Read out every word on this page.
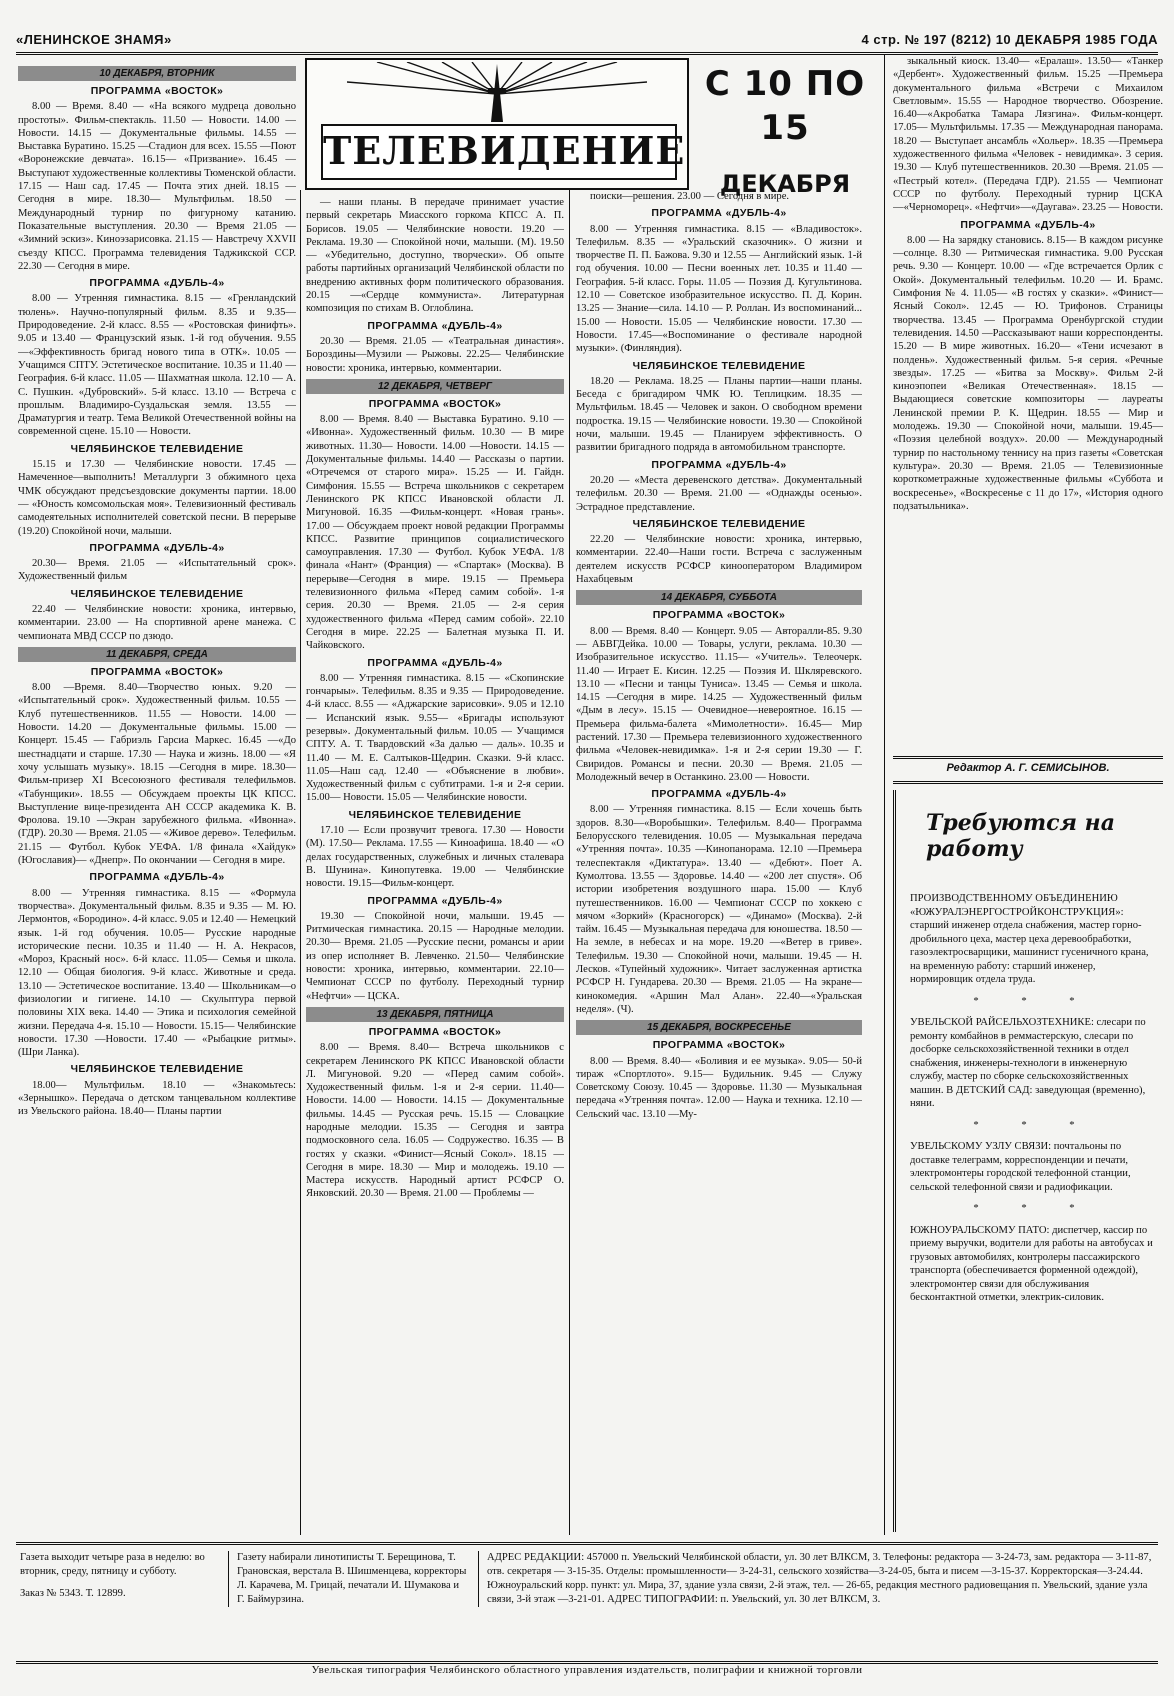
«ЛЕНИНСКОЕ ЗНАМЯ»	4 стр. № 197 (8212) 10 ДЕКАБРЯ 1985 ГОДА
ТЕЛЕВИДЕНИЕ
С 10 ПО 15
ДЕКАБРЯ
10 ДЕКАБРЯ, ВТОРНИК
ПРОГРАММА «ВОСТОК»

8.00 — Время. 8.40 — «На всякого мудреца довольно простоты». Фильм-спектакль. 11.50 — Новости. 14.00 — Новости. 14.15 — Документальные фильмы. 14.55 —Выставка Буратино. 15.25 —Стадион для всех. 15.55 —Поют «Воронежские девчата». 16.15— «Призвание». 16.45 — Выступают художественные коллективы Тюменской области. 17.15 — Наш сад. 17.45 — Почта этих дней. 18.15 — Сегодня в мире. 18.30— Мультфильм. 18.50 — Международный турнир по фигурному катанию. Показательные выступления. 20.30 — Время 21.05 — «Зимний эскиз». Киноэзарисовка. 21.15 — Навстречу XXVII съезду КПСС. Программа телевидения Таджикской ССР. 22.30 — Сегодня в мире.

ПРОГРАММА «ДУБЛЬ-4»

8.00 — Утренняя гимнастика. 8.15 — «Гренландский тюлень». Научно-популярный фильм. 8.35 и 9.35— Природоведение. 2-й класс. 8.55 — «Ростовская финифть». 9.05 и 13.40 — Французский язык. 1-й год обучения. 9.55 —«Эффективность бригад нового типа в ОТК». 10.05 — Учащимся СПТУ. Эстетическое воспитание. 10.35 и 11.40 — География. 6-й класс. 11.05 — Шахматная школа. 12.10 — А. С. Пушкин. «Дубровский». 5-й класс. 13.10 — Встреча с прошлым. Владимиро-Суздальская земля. 13.55 — Драматургия и театр. Тема Великой Отечественной войны на современной сцене. 15.10 — Новости.

ЧЕЛЯБИНСКОЕ ТЕЛЕВИДЕНИЕ

15.15 и 17.30 — Челябинские новости. 17.45 — Намеченное—выполнить! Металлурги 3 обжимного цеха ЧМК обсуждают предсъездовские документы партии. 18.00 — «Юность комсомольская моя». Телевизионный фестиваль самодеятельных исполнителей советской песни. В перерыве (19.20) Спокойной ночи, малыши.

ПРОГРАММА «ДУБЛЬ-4»

20.30— Время. 21.05 — «Испытательный срок». Художественный фильм

ЧЕЛЯБИНСКОЕ ТЕЛЕВИДЕНИЕ

22.40 — Челябинские новости: хроника, интервью, комментарии. 23.00 — На спортивной арене манежа. С чемпионата МВД СССР по дзюдо.

11 ДЕКАБРЯ, СРЕДА
ПРОГРАММА «ВОСТОК»

8.00 —Время. 8.40—Творчество юных. 9.20 — «Испытательный срок». Художественный фильм. 10.55 — Клуб путешественников. 11.55 — Новости. 14.00 — Новости. 14.20 — Документальные фильмы. 15.00 — Концерт. 15.45 — Габриэль Гарсиа Маркес. 16.45 —«До шестнадцати и старше. 17.30 — Наука и жизнь. 18.00 — «Я хочу услышать музыку». 18.15 —Сегодня в мире. 18.30— Фильм-призер XI Всесоюзного фестиваля телефильмов. «Табунщики». 18.55 — Обсуждаем проекты ЦК КПСС. Выступление вице-президента АН СССР академика К. В. Фролова. 19.10 —Экран зарубежного фильма. «Ивонна». (ГДР). 20.30 — Время. 21.05 — «Живое дерево». Телефильм. 21.15 — Футбол. Кубок УЕФА. 1/8 финала «Хайдук» (Югославия)— «Днепр». По окончании — Сегодня в мире.

ПРОГРАММА «ДУБЛЬ-4»

8.00 — Утренняя гимнастика. 8.15 — «Формула творчества». Документальный фильм. 8.35 и 9.35 — М. Ю. Лермонтов, «Бородино». 4-й класс. 9.05 и 12.40 — Немецкий язык. 1-й год обучения. 10.05— Русские народные исторические песни. 10.35 и 11.40 — Н. А. Некрасов, «Мороз, Красный нос». 6-й класс. 11.05— Семья и школа. 12.10 — Общая биология. 9-й класс. Животные и среда. 13.10 — Эстетическое воспитание. 13.40 — Школьникам—о физиологии и гигиене. 14.10 — Скульптура первой половины XIX века. 14.40 — Этика и психология семейной жизни. Передача 4-я. 15.10 — Новости. 15.15— Челябинские новости. 17.30 —Новости. 17.40 — «Рыбацкие ритмы». (Шри Ланка).

ЧЕЛЯБИНСКОЕ ТЕЛЕВИДЕНИЕ

18.00— Мультфильм. 18.10 — «Знакомьтесь: «Зернышко». Передача о детском танцевальном коллективе из Увельского района. 18.40— Планы партии

— наши планы. В передаче принимает участие первый секретарь Миасского горкома КПСС А. П. Борисов. 19.05 — Челябинские новости. 19.20 — Реклама. 19.30 — Спокойной ночи, малыши. (М). 19.50 — «Убедительно, доступно, творчески». Об опыте работы партийных организаций Челябинской области по внедрению активных форм политического образования. 20.15 —«Сердце коммуниста». Литературная композиция по стихам В. Оглоблина.

ПРОГРАММА «ДУБЛЬ-4»

20.30 — Время. 21.05 — «Театральная династия». Бороздины—Музили — Рыжовы. 22.25— Челябинские новости: хроника, интервью, комментарии.

12 ДЕКАБРЯ, ЧЕТВЕРГ
ПРОГРАММА «ВОСТОК»

8.00 — Время. 8.40 — Выставка Буратино. 9.10 — «Ивонна». Художественный фильм. 10.30 — В мире животных. 11.30— Новости. 14.00 —Новости. 14.15 — Документальные фильмы. 14.40 — Рассказы о партии. «Отречемся от старого мира». 15.25 — И. Гайдн. Симфония. 15.55 — Встреча школьников с секретарем Ленинского РК КПСС Ивановской области Л. Мигуновой. 16.35 —Фильм-концерт. «Новая грань». 17.00 — Обсуждаем проект новой редакции Программы КПСС. Развитие принципов социалистического самоуправления. 17.30 — Футбол. Кубок УЕФА. 1/8 финала «Нант» (Франция) — «Спартак» (Москва). В перерыве—Сегодня в мире. 19.15 — Премьера телевизионного фильма «Перед самим собой». 1-я серия. 20.30 — Время. 21.05 — 2-я серия художественного фильма «Перед самим собой». 22.10 Сегодня в мире. 22.25 — Балетная музыка П. И. Чайковского.

ПРОГРАММА «ДУБЛЬ-4»

8.00 — Утренняя гимнастика. 8.15 — «Скопинские гончарыы». Телефильм. 8.35 и 9.35 — Природоведение. 4-й класс. 8.55 — «Аджарские зарисовки». 9.05 и 12.10 — Испанский язык. 9.55— «Бригады используют резервы». Документальный фильм. 10.05 — Учащимся СПТУ. А. Т. Твардовский «За далью — даль». 10.35 и 11.40 — М. Е. Салтыков-Щедрин. Сказки. 9-й класс. 11.05—Наш сад. 12.40 — «Объяснение в любви». Художественный фильм с субтитрами. 1-я и 2-я серии. 15.00— Новости. 15.05 — Челябинские новости.

ЧЕЛЯБИНСКОЕ ТЕЛЕВИДЕНИЕ

17.10 — Если прозвучит тревога. 17.30 — Новости (М). 17.50— Реклама. 17.55 — Киноафиша. 18.40 — «О делах государственных, служебных и личных сталевара В. Шунина». Кинопутевка. 19.00 — Челябинские новости. 19.15—Фильм-концерт.

ПРОГРАММА «ДУБЛЬ-4»

19.30 — Спокойной ночи, малыши. 19.45 — Ритмическая гимнастика. 20.15 — Народные мелодии. 20.30— Время. 21.05 —Русские песни, романсы и арии из опер исполняет В. Левченко. 21.50— Челябинские новости: хроника, интервью, комментарии. 22.10— Чемпионат СССР по футболу. Переходный турнир «Нефтчи» — ЦСКА.

13 ДЕКАБРЯ, ПЯТНИЦА
ПРОГРАММА «ВОСТОК»

8.00 — Время. 8.40— Встреча школьников с секретарем Ленинского РК КПСС Ивановской области Л. Мигуновой. 9.20 — «Перед самим собой». Художественный фильм. 1-я и 2-я серии. 11.40—Новости. 14.00 — Новости. 14.15 — Документальные фильмы. 14.45 — Русская речь. 15.15 — Словацкие народные мелодии. 15.35 — Сегодня и завтра подмосковного села. 16.05 — Содружество. 16.35 — В гостях у сказки. «Финист—Ясный Сокол». 18.15 — Сегодня в мире. 18.30 — Мир и молодежь. 19.10 — Мастера искусств. Народный артист РСФСР О. Янковский. 20.30 — Время. 21.00 — Проблемы —

поиски—решения. 23.00 — Сегодня в мире.

ПРОГРАММА «ДУБЛЬ-4»

8.00 — Утренняя гимнастика. 8.15 — «Владивосток». Телефильм. 8.35 — «Уральский сказочник». О жизни и творчестве П. П. Бажова. 9.30 и 12.55 — Английский язык. 1-й год обучения. 10.00 — Песни военных лет. 10.35 и 11.40 — География. 5-й класс. Горы. 11.05 — Поэзия Д. Кугультинова. 12.10 — Советское изобразительное искусство. П. Д. Корин. 13.25 — Знание—сила. 14.10 — Р. Роллан. Из воспоминаний... 15.00 — Новости. 15.05 — Челябинские новости. 17.30 — Новости. 17.45—«Воспоминание о фестивале народной музыки». (Финляндия).

ЧЕЛЯБИНСКОЕ ТЕЛЕВИДЕНИЕ

18.20 — Реклама. 18.25 — Планы партии—наши планы. Беседа с бригадиром ЧМК Ю. Теплицким. 18.35 — Мультфильм. 18.45 — Человек и закон. О свободном времени подростка. 19.15 — Челябинские новости. 19.30 — Спокойной ночи, малыши. 19.45 — Планируем эффективность. О развитии бригадного подряда в автомобильном транспорте.

ПРОГРАММА «ДУБЛЬ-4»

20.20 — «Места деревенского детства». Документальный телефильм. 20.30 — Время. 21.00 — «Однажды осенью». Эстрадное представление.

ЧЕЛЯБИНСКОЕ ТЕЛЕВИДЕНИЕ

22.20 — Челябинские новости: хроника, интервью, комментарии. 22.40—Наши гости. Встреча с заслуженным деятелем искусств РСФСР кинооператором Владимиром Нахабцевым

14 ДЕКАБРЯ, СУББОТА
ПРОГРАММА «ВОСТОК»

8.00 — Время. 8.40 — Концерт. 9.05 — Авторалли-85. 9.30 — АБВГДейка. 10.00 — Товары, услуги, реклама. 10.30 — Изобразительное искусство. 11.15— «Учитель». Телеочерк. 11.40 — Играет Е. Кисин. 12.25 — Поэзия И. Шкляревского. 13.10 — «Песни и танцы Туниса». 13.45 — Семья и школа. 14.15 —Сегодня в мире. 14.25 — Художественный фильм «Дым в лесу». 15.15 — Очевидное—невероятное. 16.15 — Премьера фильма-балета «Мимолетности». 16.45— Мир растений. 17.30 — Премьера телевизионного художественного фильма «Человек-невидимка». 1-я и 2-я серии 19.30 — Г. Свиридов. Романсы и песни. 20.30 — Время. 21.05 — Молодежный вечер в Останкино. 23.00 — Новости.

ПРОГРАММА «ДУБЛЬ-4»

8.00 — Утренняя гимнастика. 8.15 — Если хочешь быть здоров. 8.30—«Воробышки». Телефильм. 8.40— Программа Белорусского телевидения. 10.05 — Музыкальная передача «Утренняя почта». 10.35 —Кинопанорама. 12.10 —Премьера телеспектакля «Диктатура». 13.40 — «Дебют». Поет А. Кумолтова. 13.55 — Здоровье. 14.40 — «200 лет спустя». Об истории изобретения воздушного шара. 15.00 — Клуб путешественников. 16.00 — Чемпионат СССР по хоккею с мячом «Зоркий» (Красногорск) — «Динамо» (Москва). 2-й тайм. 16.45 — Музыкальная передача для юношества. 18.50 — На земле, в небесах и на море. 19.20 —«Ветер в гриве». Телефильм. 19.30 — Спокойной ночи, малыши. 19.45 — Н. Лесков. «Тупейный художник». Читает заслуженная артистка РСФСР Н. Гундарева. 20.30 — Время. 21.05 — На экране—кинокомедия. «Аршин Мал Алан». 22.40—«Уральская неделя». (Ч).

15 ДЕКАБРЯ, ВОСКРЕСЕНЬЕ
ПРОГРАММА «ВОСТОК»

8.00 — Время. 8.40— «Боливия и ее музыка». 9.05— 50-й тираж «Спортлото». 9.15— Будильник. 9.45 — Служу Советскому Союзу. 10.45 — Здоровье. 11.30 — Музыкальная передача «Утренняя почта». 12.00 — Наука и техника. 12.10 — Сельский час. 13.10 —Му-

зыкальный киоск. 13.40— «Ералаш». 13.50— «Танкер «Дербент». Художественный фильм. 15.25 —Премьера документального фильма «Встречи с Михаилом Светловым». 15.55 — Народное творчество. Обозрение. 16.40—«Акробатка Тамара Лязгина». Фильм-концерт. 17.05— Мультфильмы. 17.35 — Международная панорама. 18.20 — Выступает ансамбль «Хольер». 18.35 —Премьера художественного фильма «Человек - невидимка». 3 серия. 19.30 — Клуб путешественников. 20.30 —Время. 21.05 — «Пестрый котел». (Передача ГДР). 21.55 — Чемпионат СССР по футболу. Переходный турнир ЦСКА—«Черноморец». «Нефтчи»—«Даугава». 23.25 — Новости.

ПРОГРАММА «ДУБЛЬ-4»

8.00 — На зарядку становись. 8.15— В каждом рисунке—солнце. 8.30 — Ритмическая гимнастика. 9.00 Русская речь. 9.30 — Концерт. 10.00 — «Где встречается Орлик с Окой». Документальный телефильм. 10.20 — И. Брамс. Симфония № 4. 11.05— «В гостях у сказки». «Финист—Ясный Сокол». 12.45 — Ю. Трифонов. Страницы творчества. 13.45 — Программа Оренбургской студии телевидения. 14.50 —Рассказывают наши корреспонденты. 15.20 — В мире животных. 16.20— «Тени исчезают в полдень». Художественный фильм. 5-я серия. «Речные звезды». 17.25 — «Битва за Москву». Фильм 2-й киноэпопеи «Великая Отечественная». 18.15 — Выдающиеся советские композиторы — лауреаты Ленинской премии Р. К. Щедрин. 18.55 — Мир и молодежь. 19.30 — Спокойной ночи, малыши. 19.45— «Поэзия целебной воздух». 20.00 — Международный турнир по настольному теннису на приз газеты «Советская культура». 20.30 — Время. 21.05 — Телевизионные короткометражные художественные фильмы «Суббота и воскресенье», «Воскресенье с 11 до 17», «История одного подзатыльника».

Редактор А. Г. СЕМИСЫНОВ.
Требуются на работу

ПРОИЗВОДСТВЕННОМУ ОБЪЕДИНЕНИЮ «ЮЖУРАЛЭНЕРГОСТРОЙКОНСТРУКЦИЯ»: старший инженер отдела снабжения, мастер горно-дробильного цеха, мастер цеха деревообработки, газоэлектросварщики, машинист гусеничного крана, на временную работу: старший инженер, нормировщик отдела труда.

* * *

УВЕЛЬСКОЙ РАЙСЕЛЬХОЗТЕХНИКЕ: слесари по ремонту комбайнов в реммастерскую, слесари по досборке сельскохозяйственной техники в отдел снабжения, инженеры-технологи в инженерную службу, мастер по сборке сельскохозяйственных машин. В ДЕТСКИЙ САД: заведующая (временно), няни.

* * *

УВЕЛЬСКОМУ УЗЛУ СВЯЗИ: почтальоны по доставке телеграмм, корреспонденции и печати, электромонтеры городской телефонной станции, сельской телефонной связи и радиофикации.

* * *

ЮЖНОУРАЛЬСКОМУ ПАТО: диспетчер, кассир по приему выручки, водители для работы на автобусах и грузовых автомобилях, контролеры пассажирского транспорта (обеспечивается форменной одеждой), электромонтер связи для обслуживания бесконтактной отметки, электрик-силовик.

Газета выходит четыре раза в неделю: во вторник, среду, пятницу и субботу.

Заказ № 5343. Т. 12899.

Газету набирали линотиписты Т. Берещинова, Т. Грановская, верстала В. Шишменцева, корректоры Л. Карачева, М. Грицай, печатали И. Шумакова и Г. Баймурзина.
АДРЕС РЕДАКЦИИ: 457000 п. Увельский Челябинской области, ул. 30 лет ВЛКСМ, 3. Телефоны: редактора — 3-24-73, зам. редактора — 3-11-87, отв. секретаря — 3-15-35. Отделы: промышленности— 3-24-31, сельского хозяйства—3-24-05, быта и писем —3-15-37. Корректорская—3-24.44. Южноуральский корр. пункт: ул. Мира, 37, здание узла связи, 2-й этаж, тел. — 26-65, редакция местного радиовещания п. Увельский, здание узла связи, 3-й этаж —3-21-01. АДРЕС ТИПОГРАФИИ: п. Увельский, ул. 30 лет ВЛКСМ, 3.
Увельская типография Челябинского областного управления издательств, полиграфии и книжной торговли
